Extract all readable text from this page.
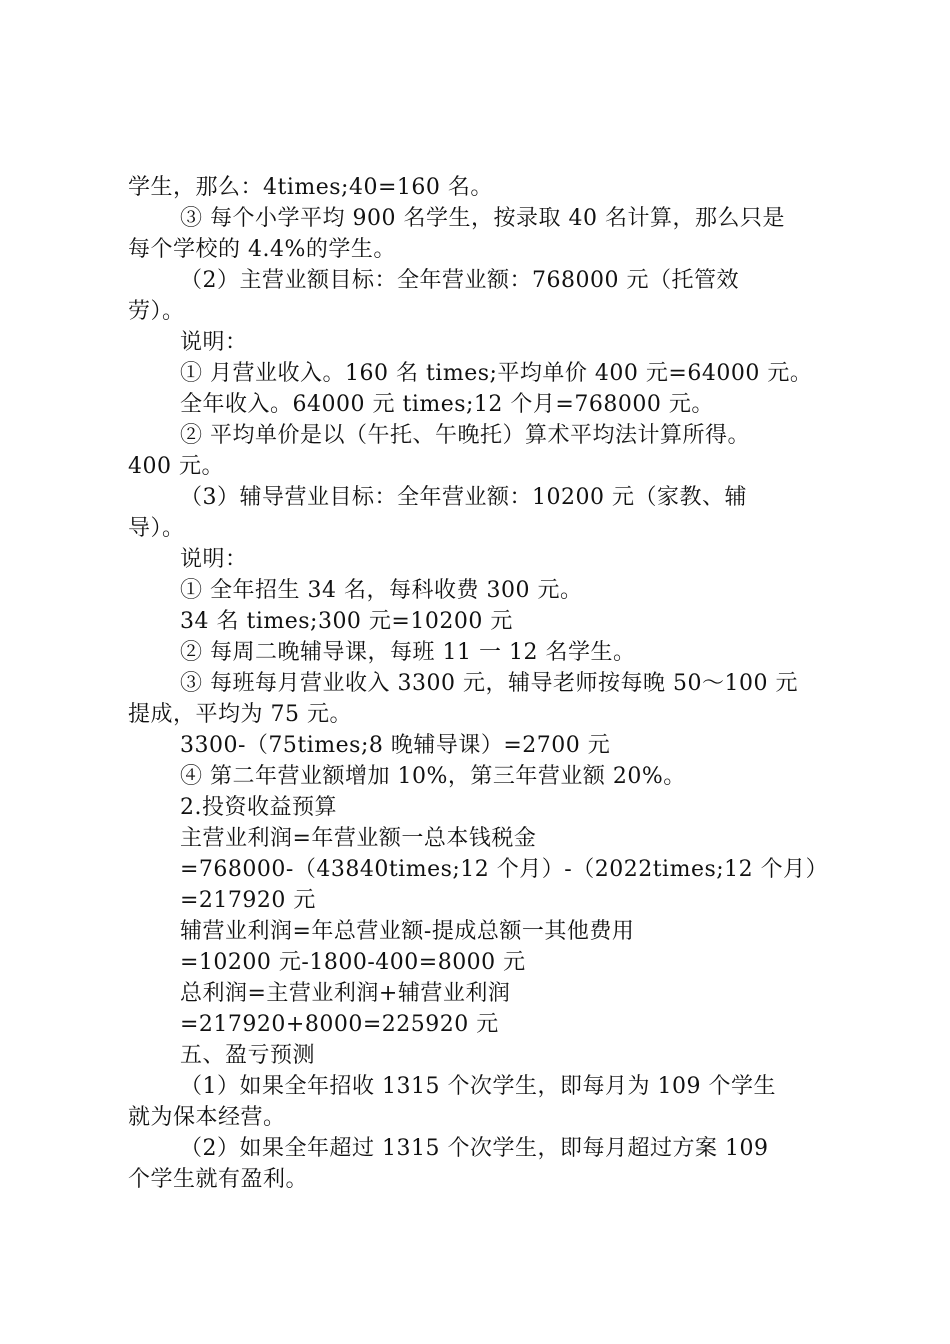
学生，那么：4times;40=160 名。
③ 每个小学平均 900 名学生，按录取 40 名计算，那么只是
每个学校的 4.4%的学生。
（2）主营业额目标：全年营业额：768000 元（托管效
劳）。
说明：
① 月营业收入。160 名 times;平均单价 400 元=64000 元。
全年收入。64000 元 times;12 个月=768000 元。
② 平均单价是以（午托、午晚托）算术平均法计算所得。
400 元。
（3）辅导营业目标：全年营业额：10200 元（家教、辅
导）。
说明：
① 全年招生 34 名，每科收费 300 元。
34 名 times;300 元=10200 元
② 每周二晚辅导课，每班 11 一 12 名学生。
③ 每班每月营业收入 3300 元，辅导老师按每晚 50～100 元
提成，平均为 75 元。
3300-（75times;8 晚辅导课）=2700 元
④ 第二年营业额增加 10%，第三年营业额 20%。
2.投资收益预算
主营业利润=年营业额一总本钱税金
=768000-（43840times;12 个月）-（2022times;12 个月）
=217920 元
辅营业利润=年总营业额-提成总额一其他费用
=10200 元-1800-400=8000 元
总利润=主营业利润+辅营业利润
=217920+8000=225920 元
五、盈亏预测
（1）如果全年招收 1315 个次学生，即每月为 109 个学生
就为保本经营。
（2）如果全年超过 1315 个次学生，即每月超过方案 109
个学生就有盈利。
